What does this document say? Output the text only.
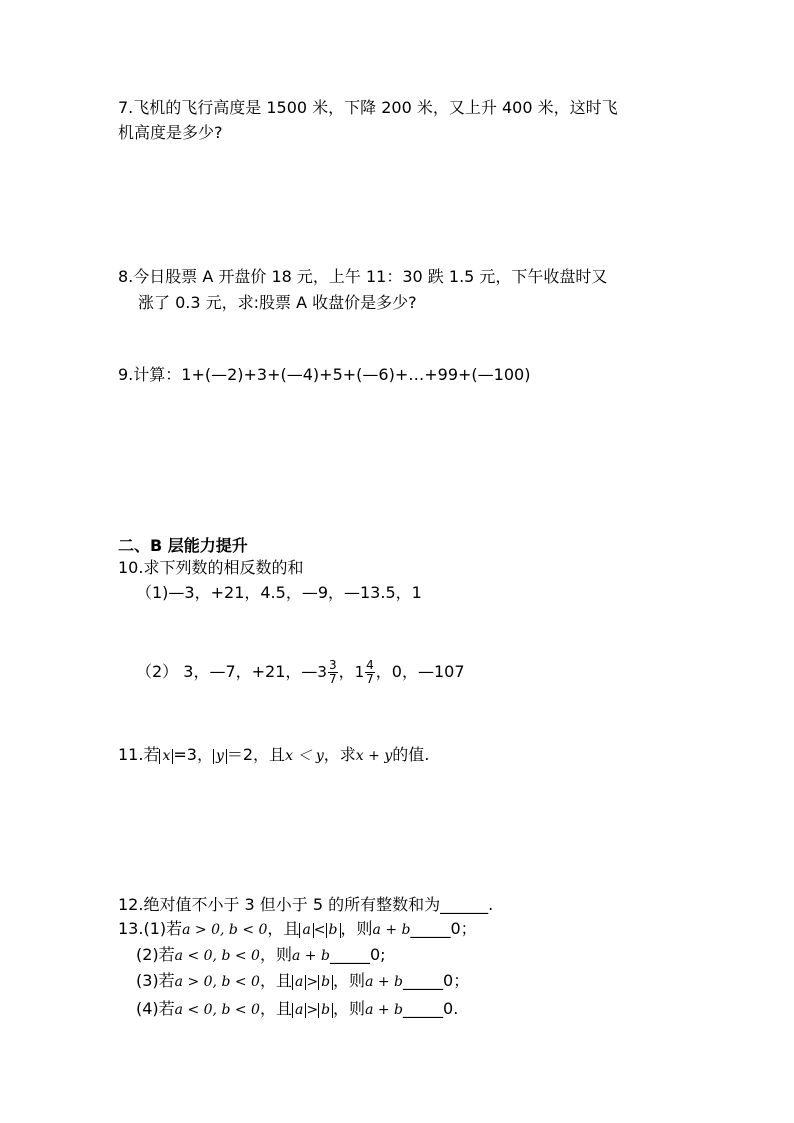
7.飞机的飞行高度是 1500 米，下降 200 米，又上升 400 米，这时飞
机高度是多少?
8.今日股票 A 开盘价 18 元，上午 11：30 跌 1.5 元，下午收盘时又
涨了 0.3 元，求:股票 A 收盘价是多少?
9.计算：1+(—2)+3+(—4)+5+(—6)+…+99+(—100)
二、B 层能力提升
10.求下列数的相反数的和
（1)—3，+21，4.5，—9，—13.5，1
（2） 3，—7，+21，—3 $\frac{3}{7}$ ，$1 \frac{4}{7}$ ，0，—107
11.若 x =3， y ＝2，且x ＜ y，求x + y的值.
12.绝对值不小于 3 但小于 5 的所有整数和为______.
13.(1)若a > 0, b < 0，且 a < b ，则a + b_____0；
(2)若a < 0, b < 0，则a + b_____0;
(3)若a > 0, b < 0，且 a > b ，则a + b_____0；
(4)若a < 0, b < 0，且 a > b ，则a + b_____0.
